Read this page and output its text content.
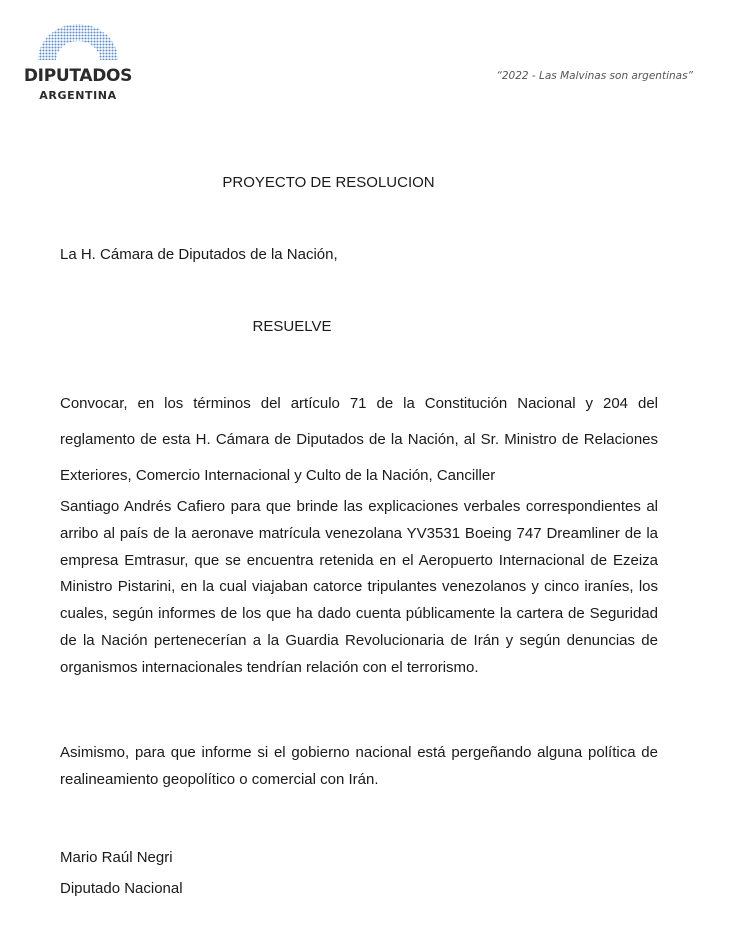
DIPUTADOS
ARGENTINA
“2022 - Las Malvinas son argentinas”
PROYECTO DE RESOLUCION
La H. Cámara de Diputados de la Nación,
RESUELVE

Convocar, en los términos del artículo 71 de la Constitución Nacional y 204 del reglamento de esta H. Cámara de Diputados de la Nación, al Sr. Ministro de Relaciones Exteriores, Comercio Internacional y Culto de la Nación, Canciller

Santiago Andrés Cafiero para que brinde las explicaciones verbales correspondientes al arribo al país de la aeronave matrícula venezolana YV3531 Boeing 747 Dreamliner de la empresa Emtrasur, que se encuentra retenida en el Aeropuerto Internacional de Ezeiza Ministro Pistarini, en la cual viajaban catorce tripulantes venezolanos y cinco iraníes, los cuales, según informes de los que ha dado cuenta públicamente la cartera de Seguridad de la Nación pertenecerían a la Guardia Revolucionaria de Irán y según denuncias de organismos internacionales tendrían relación con el terrorismo.

Asimismo, para que informe si el gobierno nacional está pergeñando alguna política de realineamiento geopolítico o comercial con Irán.

Mario Raúl Negri
Diputado Nacional
